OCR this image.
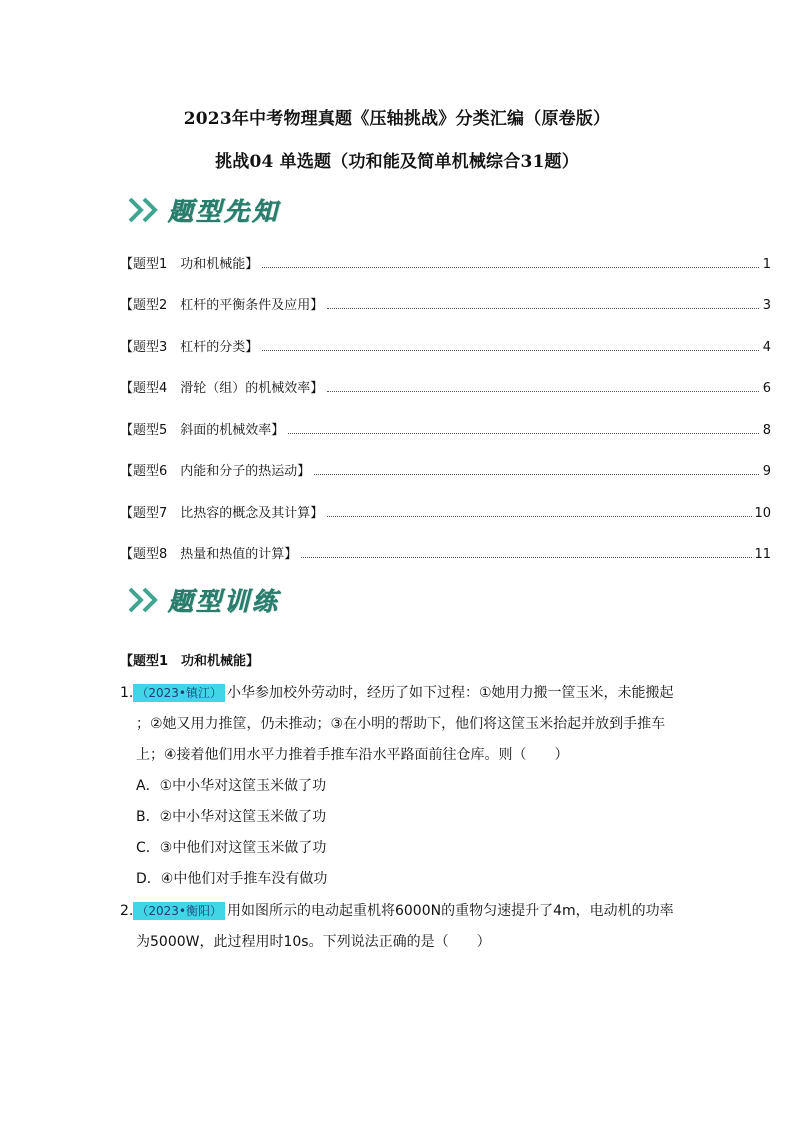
2023年中考物理真题《压轴挑战》分类汇编（原卷版）
挑战04 单选题（功和能及简单机械综合31题）
题型先知
【题型1　功和机械能】	1
【题型2　杠杆的平衡条件及应用】	3
【题型3　杠杆的分类】	4
【题型4　滑轮（组）的机械效率】	6
【题型5　斜面的机械效率】	8
【题型6　内能和分子的热运动】	9
【题型7　比热容的概念及其计算】	10
【题型8　热量和热值的计算】	11
题型训练
【题型1　功和机械能】
1. （2023•镇江） 小华参加校外劳动时，经历了如下过程：①她用力搬一筐玉米，未能搬起
；②她又用力推筐，仍未推动；③在小明的帮助下，他们将这筐玉米抬起并放到手推车
上；④接着他们用水平力推着手推车沿水平路面前往仓库。则（　　）
A．①中小华对这筐玉米做了功
B．②中小华对这筐玉米做了功
C．③中他们对这筐玉米做了功
D．④中他们对手推车没有做功
2. （2023•衡阳） 用如图所示的电动起重机将6000N的重物匀速提升了4m，电动机的功率
为5000W，此过程用时10s。下列说法正确的是（　　）
